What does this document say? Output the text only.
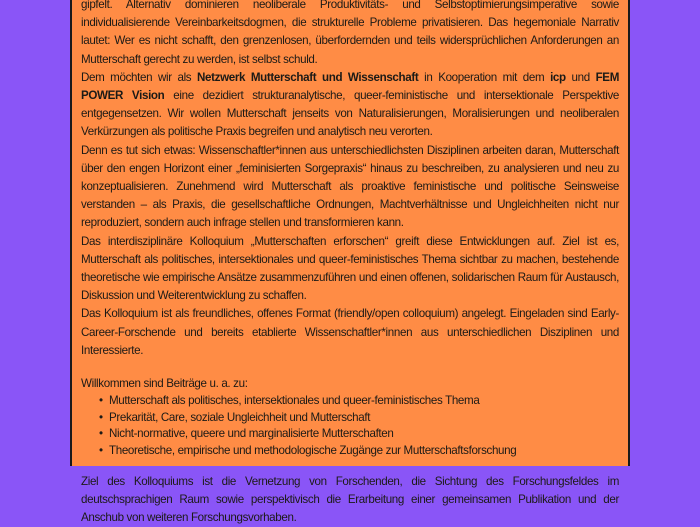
gipfelt. Alternativ dominieren neoliberale Produktivitäts- und Selbstoptimierungsimperative sowie individualisierende Vereinbarkeitsdogmen, die strukturelle Probleme privatisieren. Das hegemoniale Narrativ lautet: Wer es nicht schafft, den grenzenlosen, überfordernden und teils widersprüchlichen Anforderungen an Mutterschaft gerecht zu werden, ist selbst schuld.

Dem möchten wir als Netzwerk Mutterschaft und Wissenschaft in Kooperation mit dem icp und FEM POWER Vision eine dezidiert strukturanalytische, queer-feministische und intersektionale Perspektive entgegensetzen. Wir wollen Mutterschaft jenseits von Naturalisierungen, Moralisierungen und neoliberalen Verkürzungen als politische Praxis begreifen und analytisch neu verorten.

Denn es tut sich etwas: Wissenschaftler*innen aus unterschiedlichsten Disziplinen arbeiten daran, Mutterschaft über den engen Horizont einer „feminisierten Sorgepraxis“ hinaus zu beschreiben, zu analysieren und neu zu konzeptualisieren. Zunehmend wird Mutterschaft als proaktive feministische und politische Seinsweise verstanden – als Praxis, die gesellschaftliche Ordnungen, Machtverhältnisse und Ungleichheiten nicht nur reproduziert, sondern auch infrage stellen und transformieren kann.

Das interdisziplinäre Kolloquium „Mutterschaften erforschen“ greift diese Entwicklungen auf. Ziel ist es, Mutterschaft als politisches, intersektionales und queer-feministisches Thema sichtbar zu machen, bestehende theoretische wie empirische Ansätze zusammenzuführen und einen offenen, solidarischen Raum für Austausch, Diskussion und Weiterentwicklung zu schaffen.

Das Kolloquium ist als freundliches, offenes Format (friendly/open colloquium) angelegt. Eingeladen sind Early-Career-Forschende und bereits etablierte Wissenschaftler*innen aus unterschiedlichen Disziplinen und Interessierte.

Willkommen sind Beiträge u. a. zu:

• Mutterschaft als politisches, intersektionales und queer-feministisches Thema
• Prekarität, Care, soziale Ungleichheit und Mutterschaft
• Nicht-normative, queere und marginalisierte Mutterschaften
• Theoretische, empirische und methodologische Zugänge zur Mutterschaftsforschung

Ziel des Kolloquiums ist die Vernetzung von Forschenden, die Sichtung des Forschungsfeldes im deutschsprachigen Raum sowie perspektivisch die Erarbeitung einer gemeinsamen Publikation und der Anschub von weiteren Forschungsvorhaben.
